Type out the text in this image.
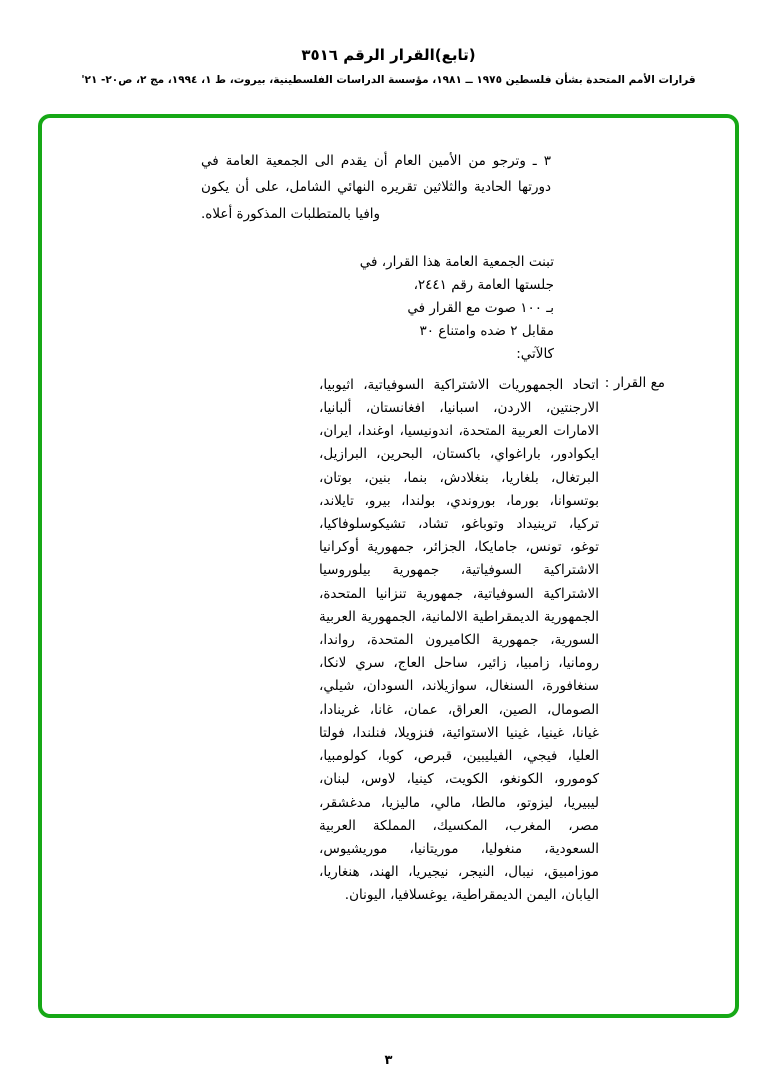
(تابع)القرار الرقم ٣٥١٦
قرارات الأمم المتحدة بشأن فلسطين ١٩٧٥ ــ ١٩٨١، مؤسسة الدراسات الفلسطينية، بيروت، ط ١، ١٩٩٤، مج ٢، ص٢٠- ٢١'
٣ ـ وترجو من الأمين العام أن يقدم الى الجمعية العامة في دورتها الحادية والثلاثين تقريره النهائي الشامل، على أن يكون وافيا بالمتطلبات المذكورة أعلاه.
تبنت الجمعية العامة هذا القرار، في
جلستها العامة رقم ٢٤٤١،
بـ ١٠٠ صوت مع القرار في
مقابل ٢ ضده وامتناع ٣٠
كالآتي:
مع القرار
:
اتحاد الجمهوريات الاشتراكية السوفياتية، اثيوبيا، الارجنتين، الاردن، اسبانيا، افغانستان، ألبانيا، الامارات العربية المتحدة، اندونيسيا، اوغندا، ايران، ايكوادور، باراغواي، باكستان، البحرين، البرازيل، البرتغال، بلغاريا، بنغلادش، بنما، بنين، بوتان، بوتسوانا، بورما، بوروندي، بولندا، بيرو، تايلاند، تركيا، ترينيداد وتوباغو، تشاد، تشيكوسلوفاكيا، توغو، تونس، جامايكا، الجزائر، جمهورية أوكرانيا الاشتراكية السوفياتية، جمهورية بيلوروسيا الاشتراكية السوفياتية، جمهورية تنزانيا المتحدة، الجمهورية الديمقراطية الالمانية، الجمهورية العربية السورية، جمهورية الكاميرون المتحدة، رواندا، رومانيا، زامبيا، زائير، ساحل العاج، سري لانكا، سنغافورة، السنغال، سوازيلاند، السودان، شيلي، الصومال، الصين، العراق، عمان، غانا، غرينادا، غيانا، غينيا، غينيا الاستوائية، فنزويلا، فنلندا، فولتا العليا، فيجي، الفيليبين، قبرص، كوبا، كولومبيا، كومورو، الكونغو، الكويت، كينيا، لاوس، لبنان، ليبيريا، ليزوتو، مالطا، مالي، ماليزيا، مدغشقر، مصر، المغرب، المكسيك، المملكة العربية السعودية، منغوليا، موريتانيا، موريشيوس، موزامبيق، نيبال، النيجر، نيجيريا، الهند، هنغاريا، اليابان، اليمن الديمقراطية، يوغسلافيا، اليونان.
٣
